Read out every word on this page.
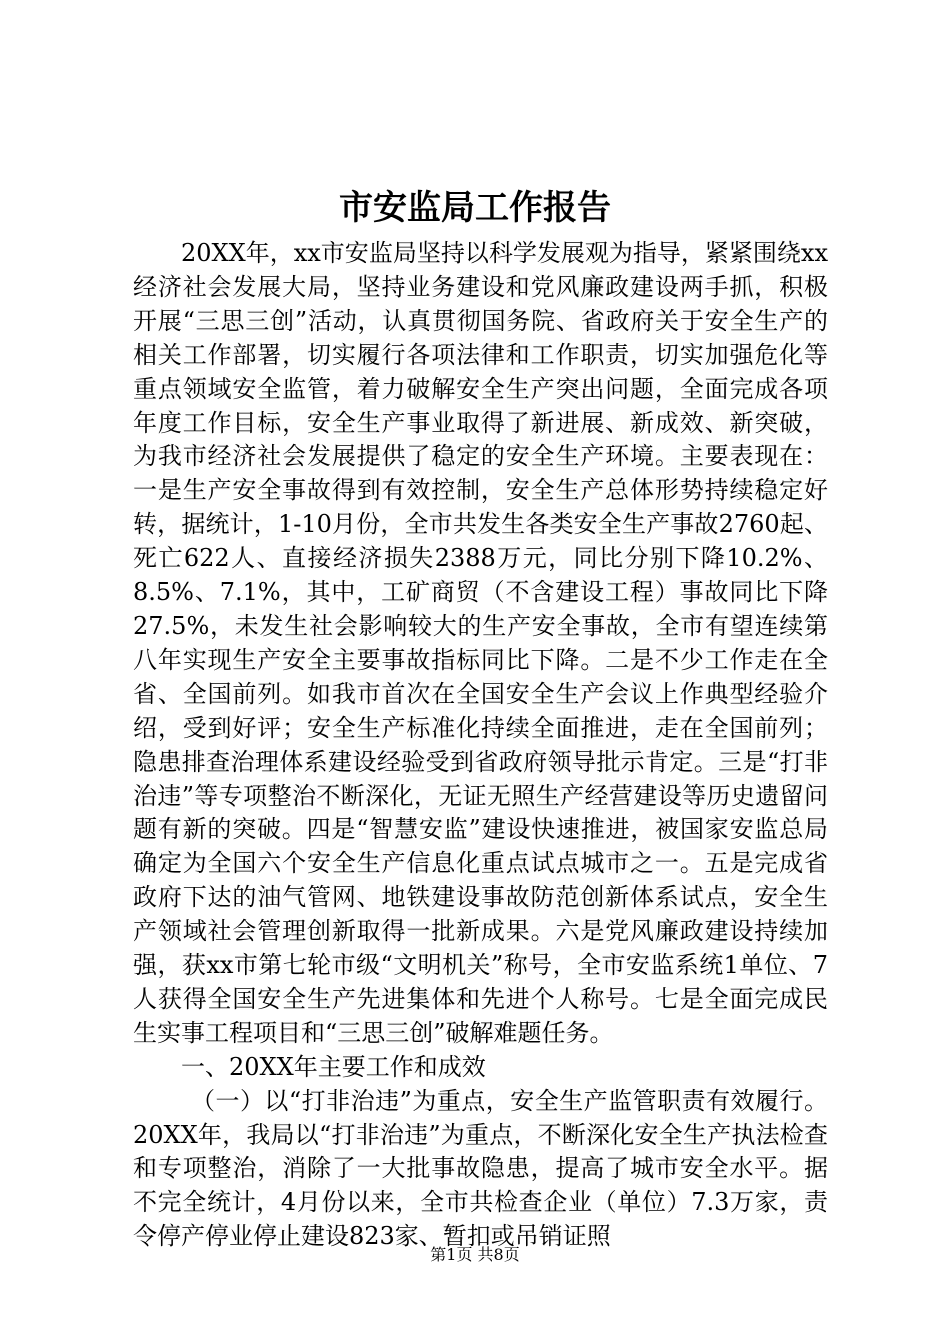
市安监局工作报告

20XX年，xx市安监局坚持以科学发展观为指导，紧紧围绕xx经济社会发展大局，坚持业务建设和党风廉政建设两手抓，积极开展“三思三创”活动，认真贯彻国务院、省政府关于安全生产的相关工作部署，切实履行各项法律和工作职责，切实加强危化等重点领域安全监管，着力破解安全生产突出问题，全面完成各项年度工作目标，安全生产事业取得了新进展、新成效、新突破，为我市经济社会发展提供了稳定的安全生产环境。主要表现在：一是生产安全事故得到有效控制，安全生产总体形势持续稳定好转，据统计，1-10月份，全市共发生各类安全生产事故2760起、死亡622人、直接经济损失2388万元，同比分别下降10.2%、8.5%、7.1%，其中，工矿商贸（不含建设工程）事故同比下降27.5%，未发生社会影响较大的生产安全事故，全市有望连续第八年实现生产安全主要事故指标同比下降。二是不少工作走在全省、全国前列。如我市首次在全国安全生产会议上作典型经验介绍，受到好评；安全生产标准化持续全面推进，走在全国前列；隐患排查治理体系建设经验受到省政府领导批示肯定。三是“打非治违”等专项整治不断深化，无证无照生产经营建设等历史遗留问题有新的突破。四是“智慧安监”建设快速推进，被国家安监总局确定为全国六个安全生产信息化重点试点城市之一。五是完成省政府下达的油气管网、地铁建设事故防范创新体系试点，安全生产领域社会管理创新取得一批新成果。六是党风廉政建设持续加强，获xx市第七轮市级“文明机关”称号，全市安监系统1单位、7人获得全国安全生产先进集体和先进个人称号。七是全面完成民生实事工程项目和“三思三创”破解难题任务。

一、20XX年主要工作和成效

（一）以“打非治违”为重点，安全生产监管职责有效履行。20XX年，我局以“打非治违”为重点，不断深化安全生产执法检查和专项整治，消除了一大批事故隐患，提高了城市安全水平。据不完全统计，4月份以来，全市共检查企业（单位）7.3万家，责令停产停业停止建设823家、暂扣或吊销证照

第1页 共8页
